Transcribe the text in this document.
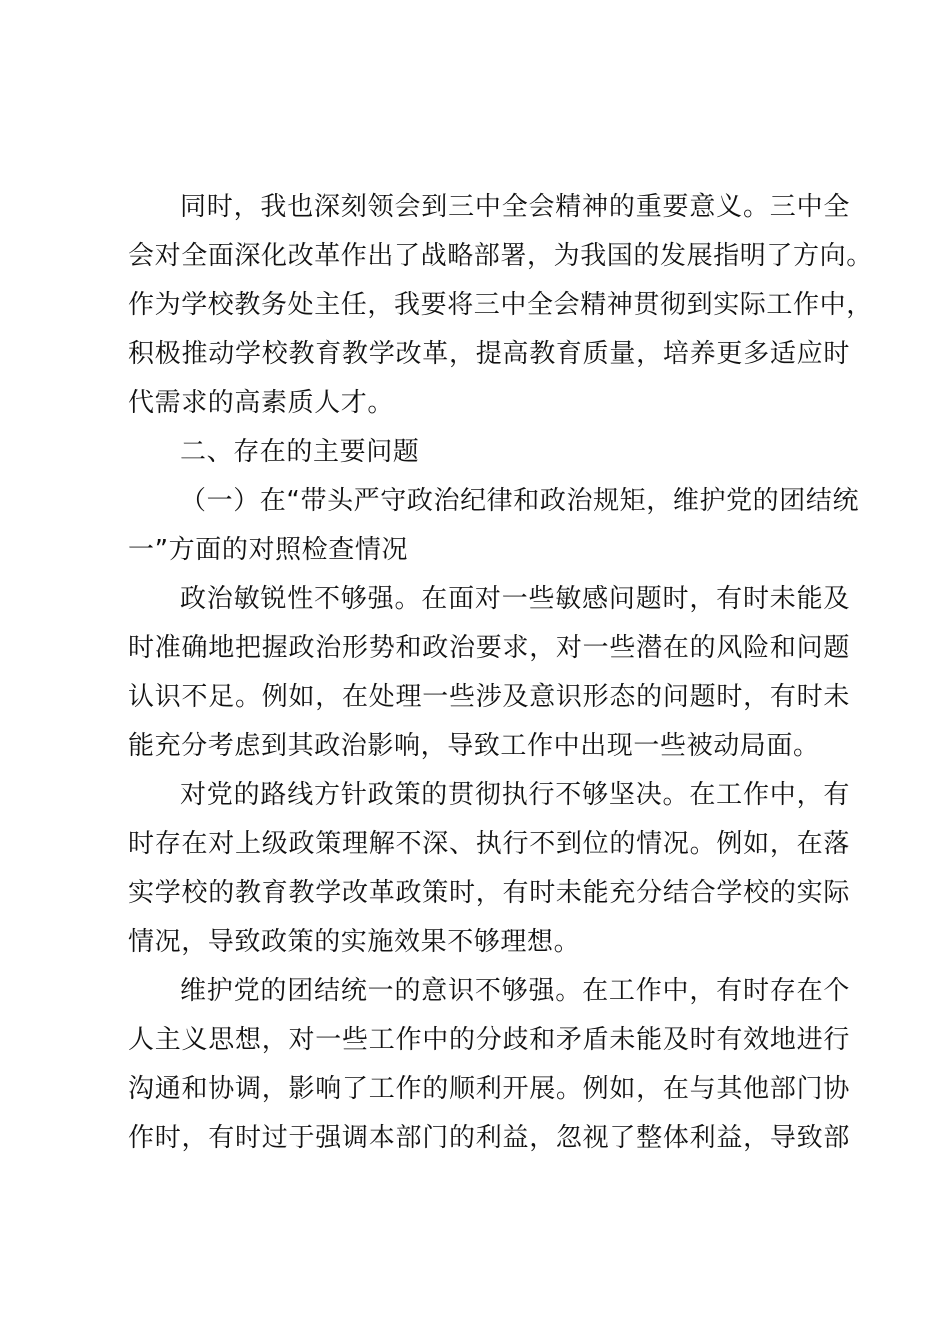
同时，我也深刻领会到三中全会精神的重要意义。三中全
会对全面深化改革作出了战略部署，为我国的发展指明了方向。
作为学校教务处主任，我要将三中全会精神贯彻到实际工作中，
积极推动学校教育教学改革，提高教育质量，培养更多适应时
代需求的高素质人才。
二、存在的主要问题
（一）在“带头严守政治纪律和政治规矩，维护党的团结统
一”方面的对照检查情况
政治敏锐性不够强。在面对一些敏感问题时，有时未能及
时准确地把握政治形势和政治要求，对一些潜在的风险和问题
认识不足。例如，在处理一些涉及意识形态的问题时，有时未
能充分考虑到其政治影响，导致工作中出现一些被动局面。
对党的路线方针政策的贯彻执行不够坚决。在工作中，有
时存在对上级政策理解不深、执行不到位的情况。例如，在落
实学校的教育教学改革政策时，有时未能充分结合学校的实际
情况，导致政策的实施效果不够理想。
维护党的团结统一的意识不够强。在工作中，有时存在个
人主义思想，对一些工作中的分歧和矛盾未能及时有效地进行
沟通和协调，影响了工作的顺利开展。例如，在与其他部门协
作时，有时过于强调本部门的利益，忽视了整体利益，导致部
